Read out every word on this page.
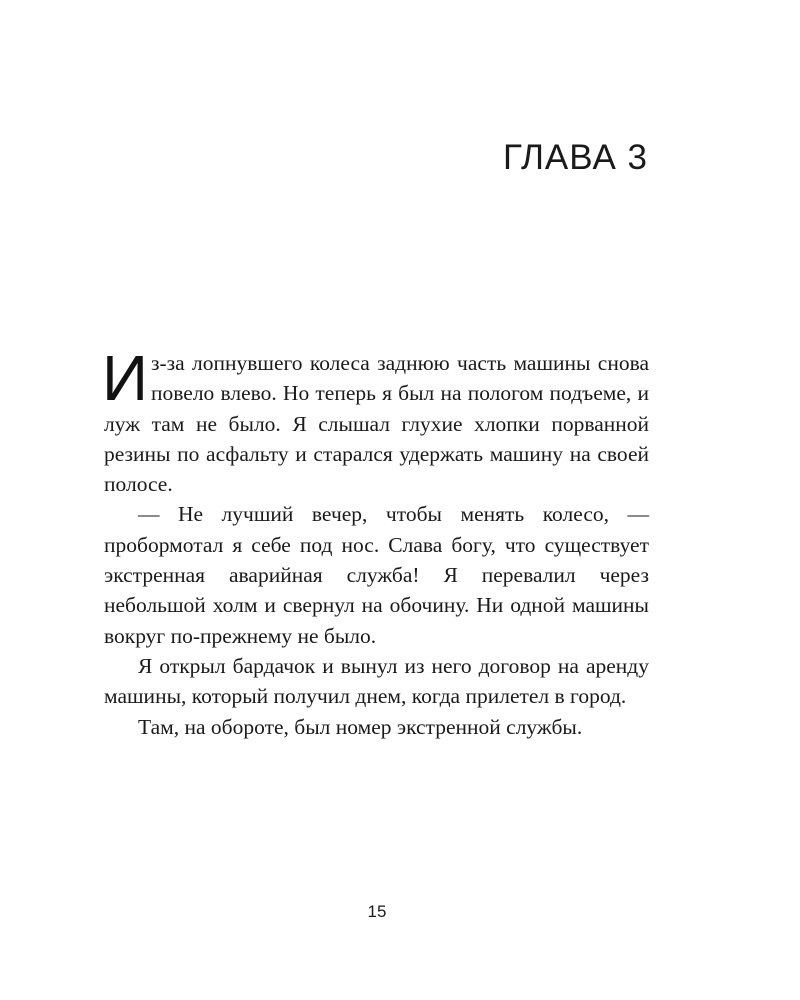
ГЛАВА 3

Из-за лопнувшего колеса заднюю часть машины снова повело влево. Но теперь я был на пологом подъеме, и луж там не было. Я слышал глухие хлопки порванной резины по асфальту и старался удержать машину на своей полосе.

— Не лучший вечер, чтобы менять колесо, — пробормотал я себе под нос. Слава богу, что существует экстренная аварийная служба! Я перевалил через небольшой холм и свернул на обочину. Ни одной машины вокруг по-прежнему не было.

Я открыл бардачок и вынул из него договор на аренду машины, который получил днем, когда прилетел в город.

Там, на обороте, был номер экстренной службы.

15
